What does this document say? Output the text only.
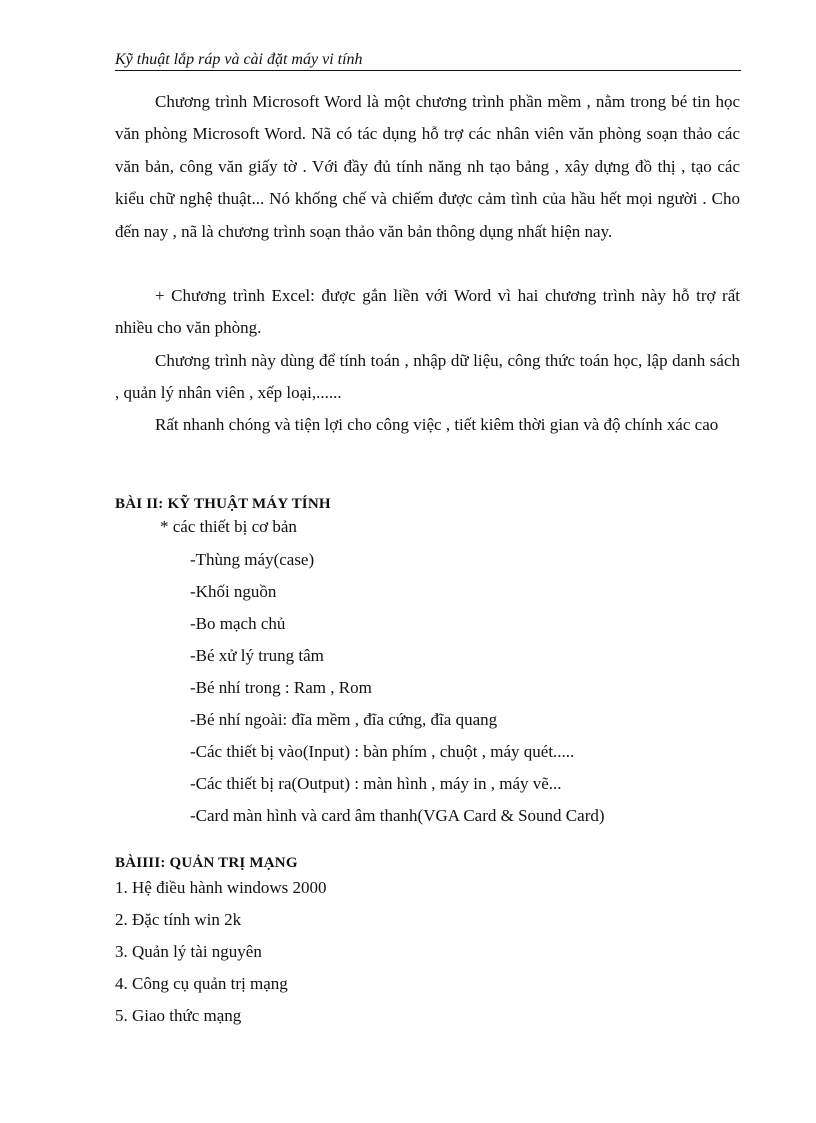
Kỹ thuật lắp ráp và cài đặt máy vi tính

Chương trình Microsoft Word là một chương trình phần mềm , nằm trong bé tin học văn phòng Microsoft Word. Nã có tác dụng hỗ trợ các nhân viên văn phòng soạn thảo các văn bản, công văn giấy tờ . Với đầy đủ tính năng nh tạo bảng , xây dựng đồ thị , tạo các kiểu chữ nghệ thuật... Nó khống chế và chiếm được cảm tình của hầu hết mọi người . Cho đến nay , nã là chương trình soạn thảo văn bản thông dụng nhất hiện nay.

+ Chương trình Excel: được gắn liền với Word vì hai chương trình này hỗ trợ rất nhiều cho văn phòng.

Chương trình này dùng để tính toán , nhập dữ liệu, công thức toán học, lập danh sách , quản lý nhân viên , xếp loại,......

Rất nhanh chóng và tiện lợi cho công việc , tiết kiêm thời gian và độ chính xác cao

BÀI II: KỸ THUẬT MÁY TÍNH

* các thiết bị cơ bản

-Thùng máy(case)
-Khối nguồn
-Bo mạch chủ
-Bé xử lý trung tâm
-Bé nhí trong : Ram , Rom
-Bé nhí ngoài: đĩa mềm , đĩa cứng, đĩa quang
-Các thiết bị vào(Input) : bàn phím , chuột , máy quét.....
-Các thiết bị ra(Output) : màn hình , máy in , máy vẽ...
-Card màn hình và card âm thanh(VGA Card & Sound Card)
BÀIIII: QUẢN TRỊ MẠNG
1. Hệ điều hành windows 2000
2. Đặc tính win 2k
3. Quản lý tài nguyên
4. Công cụ quản trị mạng
5. Giao thức mạng
